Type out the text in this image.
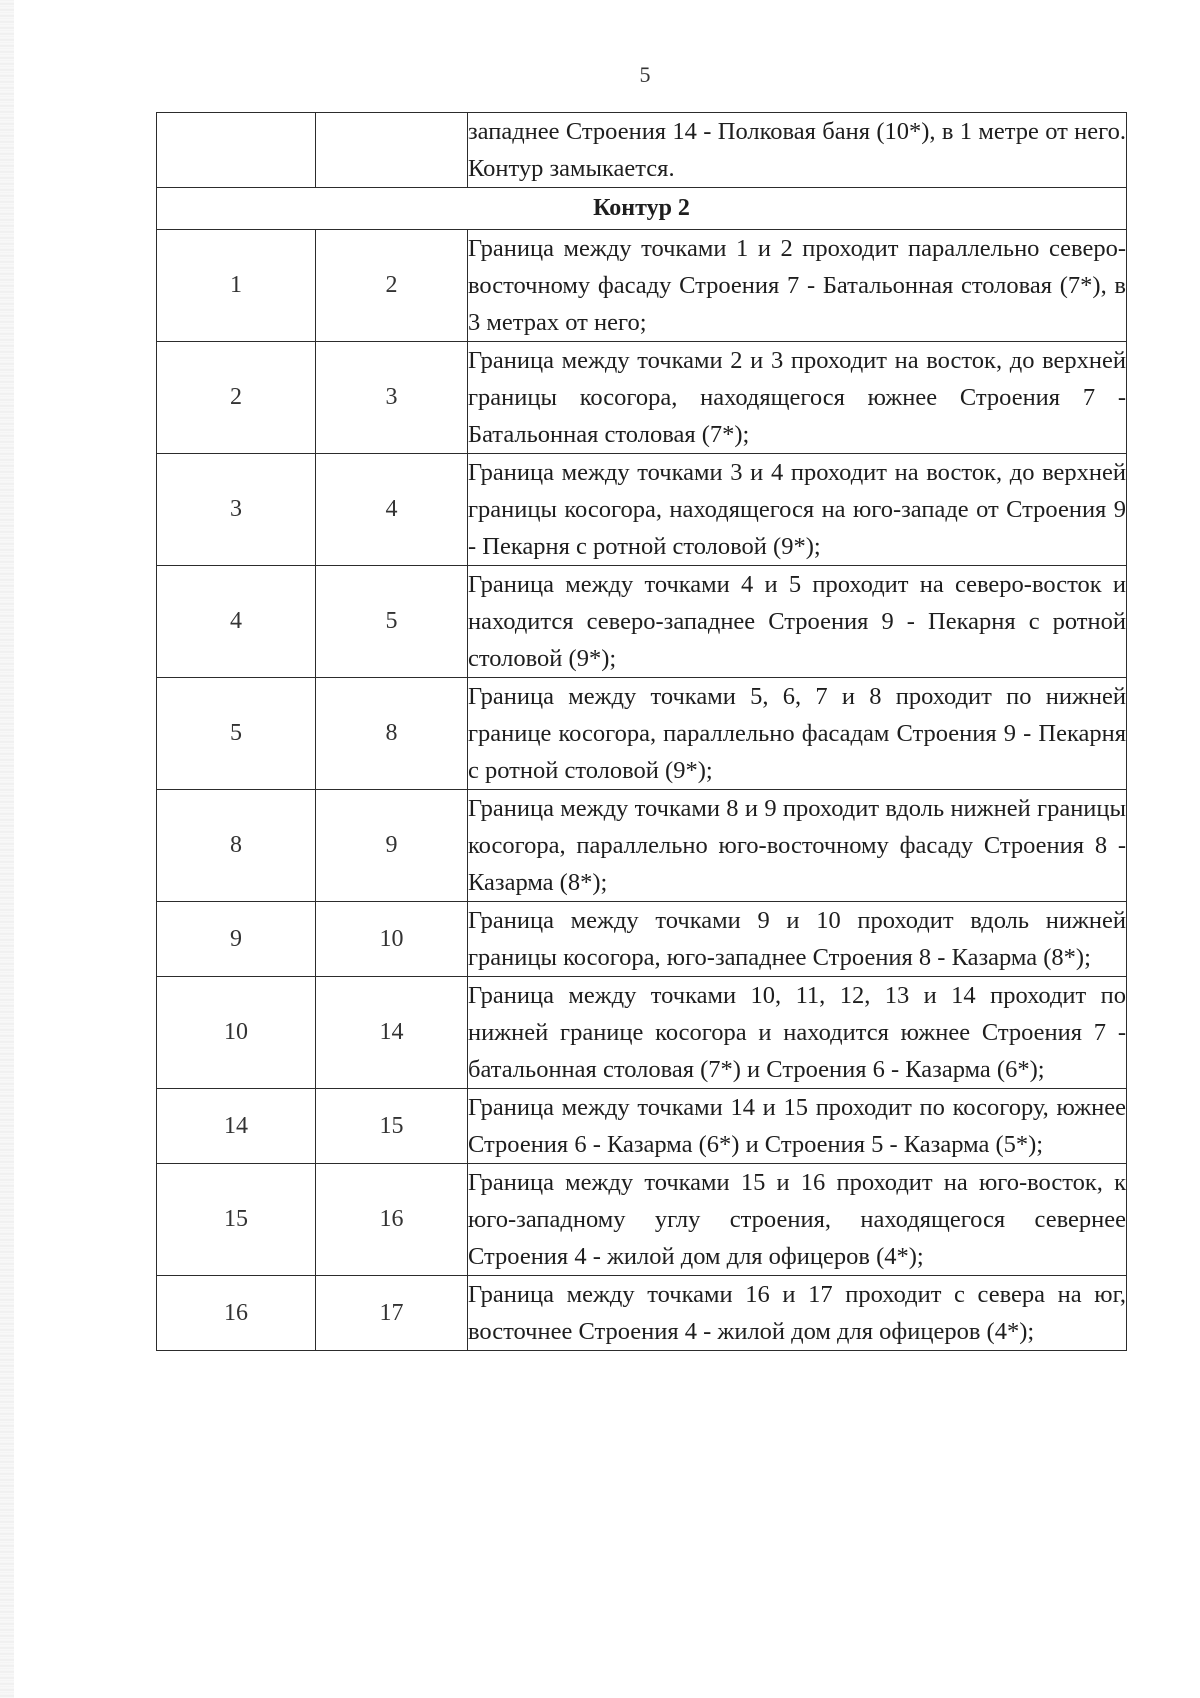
5
		западнее Строения 14 - Полковая баня (10*), в 1 метре от него. Контур замыкается.
Контур 2		
1	2	Граница между точками 1 и 2 проходит параллельно северо-восточному фасаду Строения 7 - Батальонная столовая (7*), в 3 метрах от него;
2	3	Граница между точками 2 и 3 проходит на восток, до верхней границы косогора, находящегося южнее Строения 7 - Батальонная столовая (7*);
3	4	Граница между точками 3 и 4 проходит на восток, до верхней границы косогора, находящегося на юго-западе от Строения 9 - Пекарня с ротной столовой (9*);
4	5	Граница между точками 4 и 5 проходит на северо-восток и находится северо-западнее Строения 9 - Пекарня с ротной столовой (9*);
5	8	Граница между точками 5, 6, 7 и 8 проходит по нижней границе косогора, параллельно фасадам Строения 9 - Пекарня с ротной столовой (9*);
8	9	Граница между точками 8 и 9 проходит вдоль нижней границы косогора, параллельно юго-восточному фасаду Строения 8 - Казарма (8*);
9	10	Граница между точками 9 и 10 проходит вдоль нижней границы косогора, юго-западнее Строения 8 - Казарма (8*);
10	14	Граница между точками 10, 11, 12, 13 и 14 проходит по нижней границе косогора и находится южнее Строения 7 - батальонная столовая (7*) и Строения 6 - Казарма (6*);
14	15	Граница между точками 14 и 15 проходит по косогору, южнее Строения 6 - Казарма (6*) и Строения 5 - Казарма (5*);
15	16	Граница между точками 15 и 16 проходит на юго-восток, к юго-западному углу строения, находящегося севернее Строения 4 - жилой дом для офицеров (4*);
16	17	Граница между точками 16 и 17 проходит с севера на юг, восточнее Строения 4 - жилой дом для офицеров (4*);
